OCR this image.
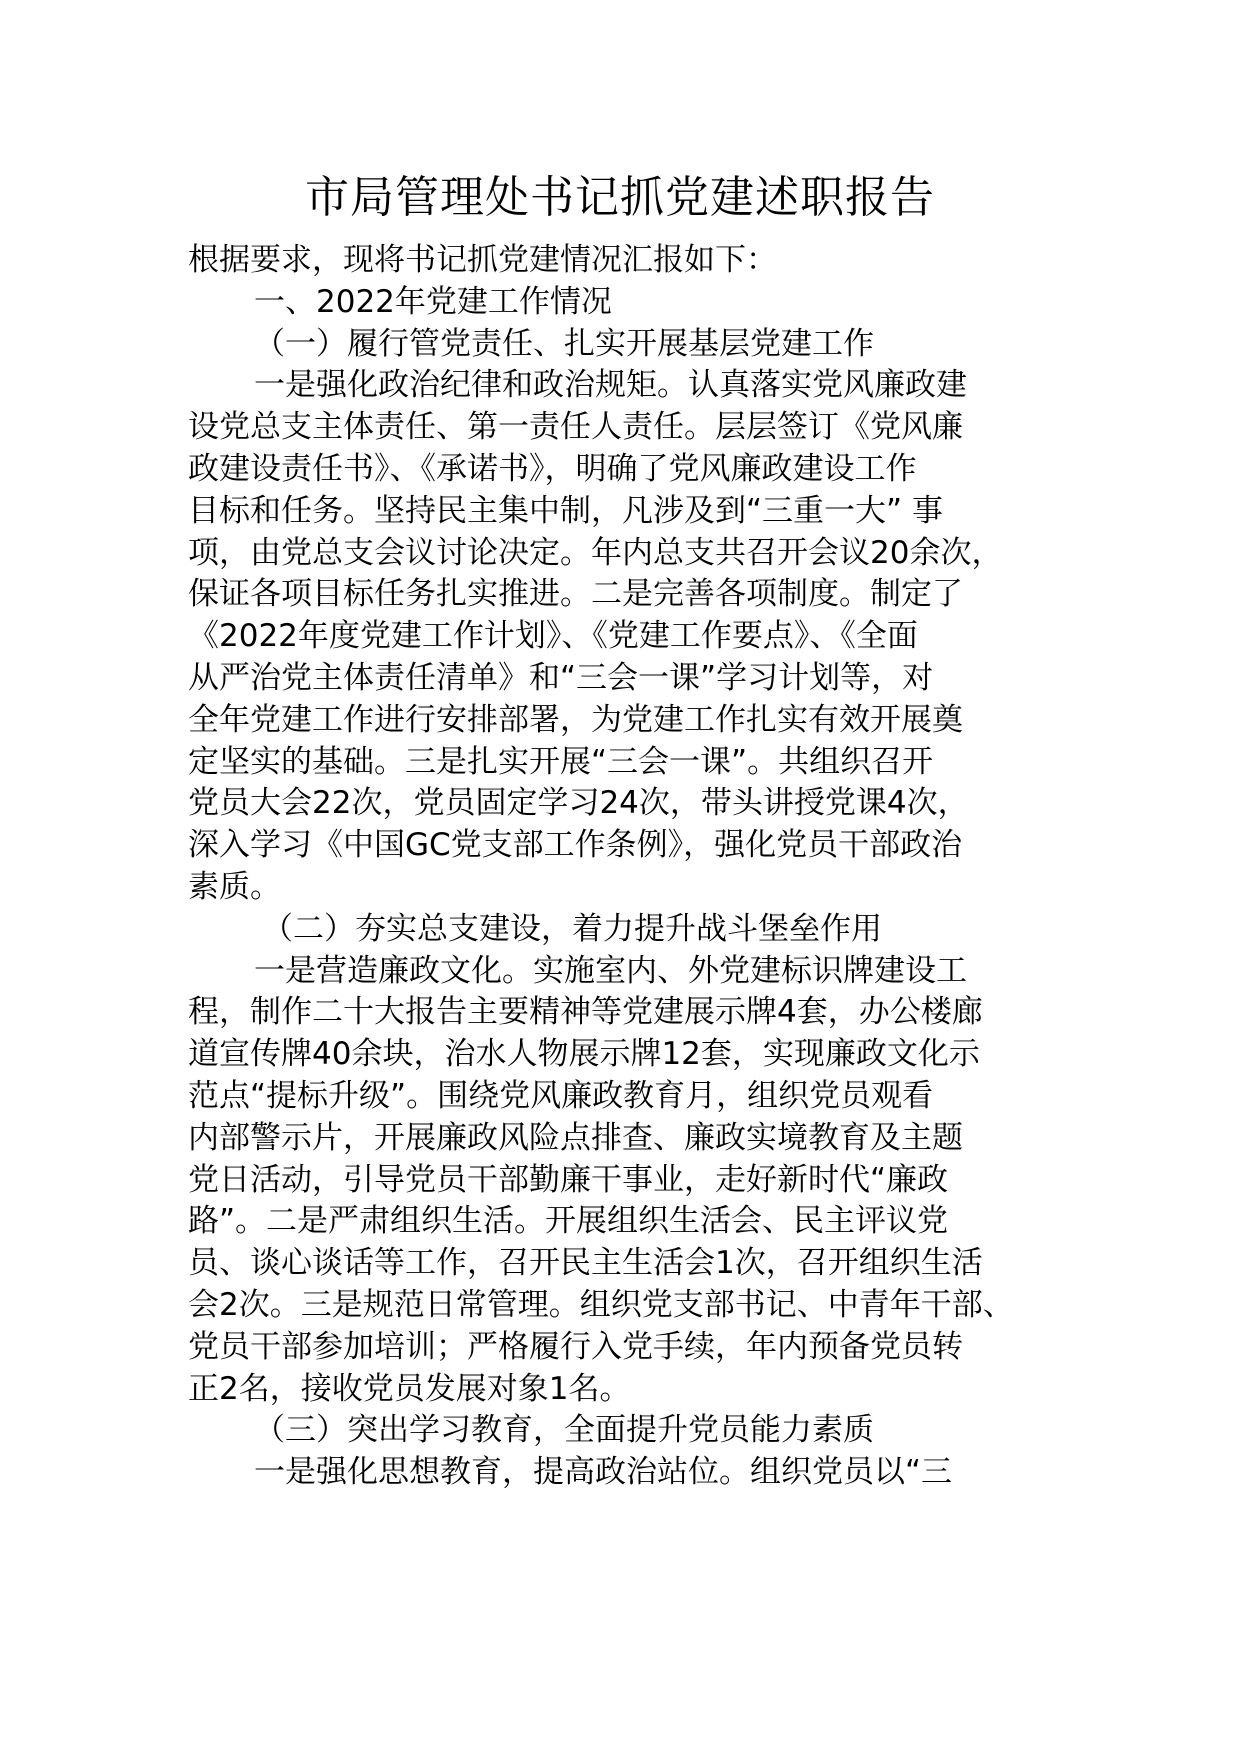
市局管理处书记抓党建述职报告
根据要求，现将书记抓党建情况汇报如下：
一、2022年党建工作情况
（一）履行管党责任、扎实开展基层党建工作
一是强化政治纪律和政治规矩。认真落实党风廉政建
设党总支主体责任、第一责任人责任。层层签订《党风廉
政建设责任书》、《承诺书》，明确了党风廉政建设工作
目标和任务。坚持民主集中制，凡涉及到“三重一大” 事
项，由党总支会议讨论决定。年内总支共召开会议20余次，
保证各项目标任务扎实推进。二是完善各项制度。制定了
《2022年度党建工作计划》、《党建工作要点》、《全面
从严治党主体责任清单》和“三会一课”学习计划等，对
全年党建工作进行安排部署，为党建工作扎实有效开展奠
定坚实的基础。三是扎实开展“三会一课”。共组织召开
党员大会22次，党员固定学习24次，带头讲授党课4次，
深入学习《中国GC党支部工作条例》，强化党员干部政治
素质。
（二）夯实总支建设，着力提升战斗堡垒作用
一是营造廉政文化。实施室内、外党建标识牌建设工
程，制作二十大报告主要精神等党建展示牌4套，办公楼廊
道宣传牌40余块，治水人物展示牌12套，实现廉政文化示
范点“提标升级”。围绕党风廉政教育月，组织党员观看
内部警示片，开展廉政风险点排查、廉政实境教育及主题
党日活动，引导党员干部勤廉干事业，走好新时代“廉政
路”。二是严肃组织生活。开展组织生活会、民主评议党
员、谈心谈话等工作，召开民主生活会1次，召开组织生活
会2次。三是规范日常管理。组织党支部书记、中青年干部、
党员干部参加培训；严格履行入党手续，年内预备党员转
正2名，接收党员发展对象1名。
（三）突出学习教育，全面提升党员能力素质
一是强化思想教育，提高政治站位。组织党员以“三
